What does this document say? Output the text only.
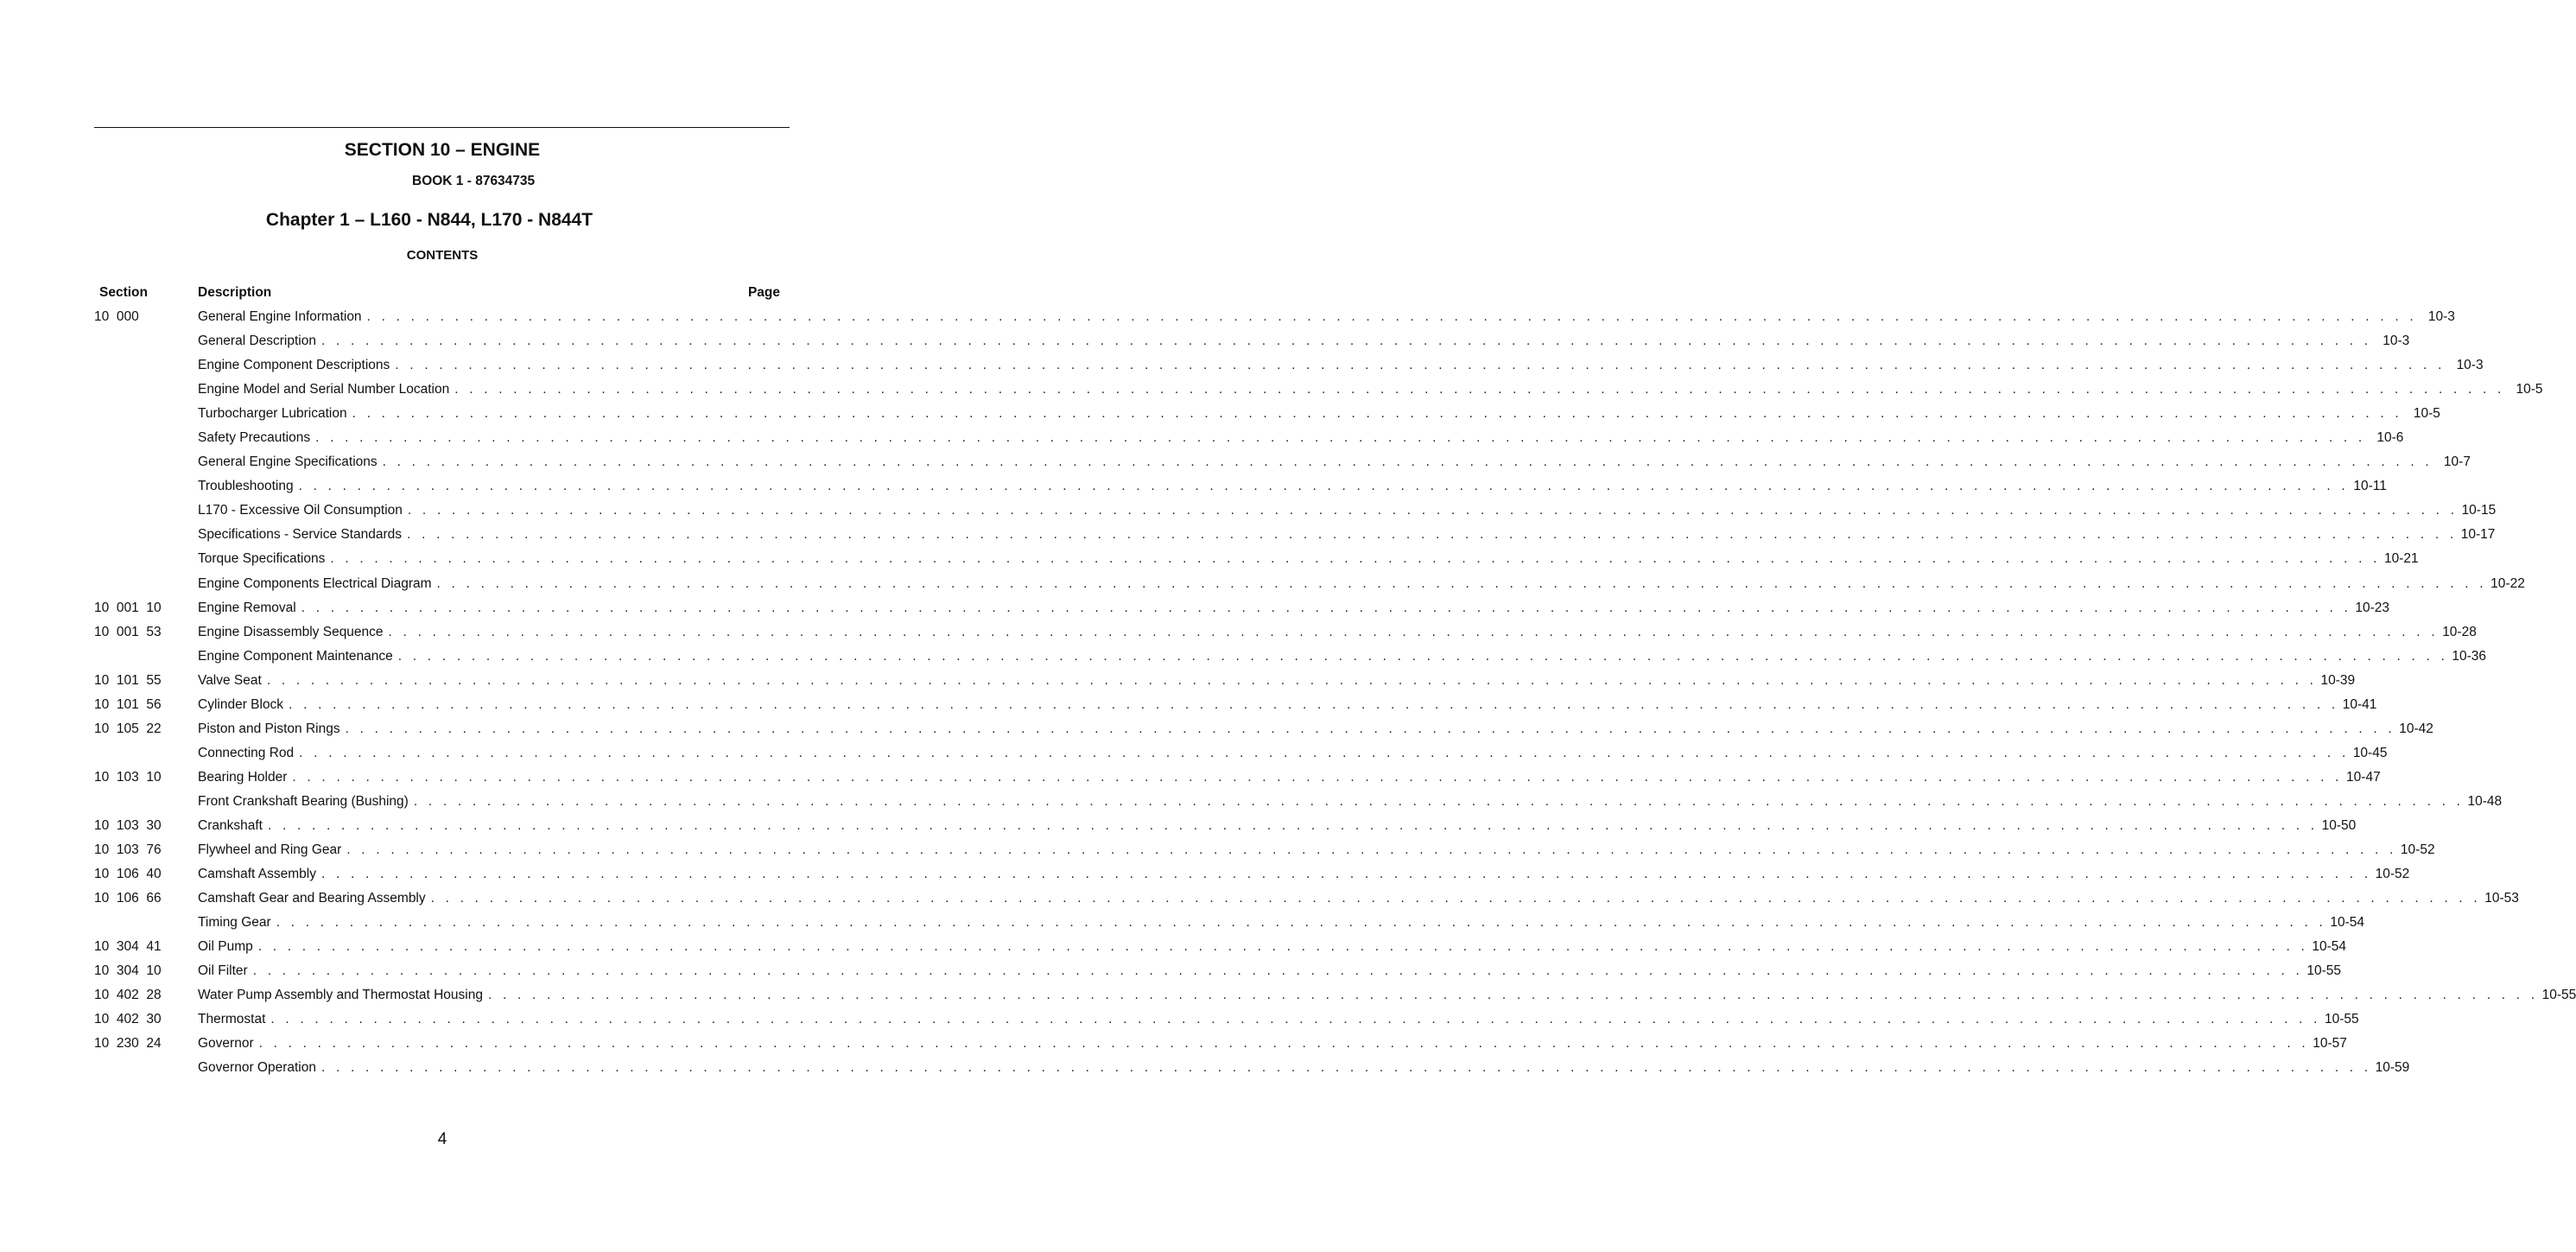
SECTION 10 – ENGINE
BOOK 1 - 87634735
Chapter 1 – L160 - N844, L170 - N844T
CONTENTS
Section	Description	Page
10  000	General Engine Information . . . . . . . . . . . . . . . . . . . . . . . . . . . . . . . . . . . . . . . . . . . . . . . . . . . . . . . . . . . . . . . . . . . . . . . . . . . . . . . . . . . . . . . . . . . . . . . . . . . . . . . . . . . . . . . . . . . . . . . . . . . . . . . . . . . . . . . . . . . . 10-3
General Description . . . . . . . . . . . . . . . . . . . . . . . . . . . . . . . . . . . . . . . . . . . . . . . . . . . . . . . . . . . . . . . . . . . . . . . . . . . . . . . . . . . . . . . . . . . . . . . . . . . . . . . . . . . . . . . . . . . . . . . . . . . . . . . . . . . . . . . . . . . . 10-3
Engine Component Descriptions . . . . . . . . . . . . . . . . . . . . . . . . . . . . . . . . . . . . . . . . . . . . . . . . . . . . . . . . . . . . . . . . . . . . . . . . . . . . . . . . . . . . . . . . . . . . . . . . . . . . . . . . . . . . . . . . . . . . . . . . . . . . . . . . . . . . . . . . . . . . 10-3
Engine Model and Serial Number Location . . . . . . . . . . . . . . . . . . . . . . . . . . . . . . . . . . . . . . . . . . . . . . . . . . . . . . . . . . . . . . . . . . . . . . . . . . . . . . . . . . . . . . . . . . . . . . . . . . . . . . . . . . . . . . . . . . . . . . . . . . . . . . . . . . . . . . . . . . . . 10-5
Turbocharger Lubrication . . . . . . . . . . . . . . . . . . . . . . . . . . . . . . . . . . . . . . . . . . . . . . . . . . . . . . . . . . . . . . . . . . . . . . . . . . . . . . . . . . . . . . . . . . . . . . . . . . . . . . . . . . . . . . . . . . . . . . . . . . . . . . . . . . . . . . . . . . . . 10-5
Safety Precautions . . . . . . . . . . . . . . . . . . . . . . . . . . . . . . . . . . . . . . . . . . . . . . . . . . . . . . . . . . . . . . . . . . . . . . . . . . . . . . . . . . . . . . . . . . . . . . . . . . . . . . . . . . . . . . . . . . . . . . . . . . . . . . . . . . . . . . . . . . . . 10-6
General Engine Specifications . . . . . . . . . . . . . . . . . . . . . . . . . . . . . . . . . . . . . . . . . . . . . . . . . . . . . . . . . . . . . . . . . . . . . . . . . . . . . . . . . . . . . . . . . . . . . . . . . . . . . . . . . . . . . . . . . . . . . . . . . . . . . . . . . . . . . . . . . . . . 10-7
Troubleshooting . . . . . . . . . . . . . . . . . . . . . . . . . . . . . . . . . . . . . . . . . . . . . . . . . . . . . . . . . . . . . . . . . . . . . . . . . . . . . . . . . . . . . . . . . . . . . . . . . . . . . . . . . . . . . . . . . . . . . . . . . . . . . . . . . . . . . . . . . . . . 10-11
L170 - Excessive Oil Consumption . . . . . . . . . . . . . . . . . . . . . . . . . . . . . . . . . . . . . . . . . . . . . . . . . . . . . . . . . . . . . . . . . . . . . . . . . . . . . . . . . . . . . . . . . . . . . . . . . . . . . . . . . . . . . . . . . . . . . . . . . . . . . . . . . . . . . . . . . . . . 10-15
Specifications - Service Standards . . . . . . . . . . . . . . . . . . . . . . . . . . . . . . . . . . . . . . . . . . . . . . . . . . . . . . . . . . . . . . . . . . . . . . . . . . . . . . . . . . . . . . . . . . . . . . . . . . . . . . . . . . . . . . . . . . . . . . . . . . . . . . . . . . . . . . . . . . . . 10-17
Torque Specifications . . . . . . . . . . . . . . . . . . . . . . . . . . . . . . . . . . . . . . . . . . . . . . . . . . . . . . . . . . . . . . . . . . . . . . . . . . . . . . . . . . . . . . . . . . . . . . . . . . . . . . . . . . . . . . . . . . . . . . . . . . . . . . . . . . . . . . . . . . . . 10-21
Engine Components Electrical Diagram . . . . . . . . . . . . . . . . . . . . . . . . . . . . . . . . . . . . . . . . . . . . . . . . . . . . . . . . . . . . . . . . . . . . . . . . . . . . . . . . . . . . . . . . . . . . . . . . . . . . . . . . . . . . . . . . . . . . . . . . . . . . . . . . . . . . . . . . . . . . 10-22
10  001  10	Engine Removal . . . . . . . . . . . . . . . . . . . . . . . . . . . . . . . . . . . . . . . . . . . . . . . . . . . . . . . . . . . . . . . . . . . . . . . . . . . . . . . . . . . . . . . . . . . . . . . . . . . . . . . . . . . . . . . . . . . . . . . . . . . . . . . . . . . . . . . . . . . . 10-23
10  001  53	Engine Disassembly Sequence . . . . . . . . . . . . . . . . . . . . . . . . . . . . . . . . . . . . . . . . . . . . . . . . . . . . . . . . . . . . . . . . . . . . . . . . . . . . . . . . . . . . . . . . . . . . . . . . . . . . . . . . . . . . . . . . . . . . . . . . . . . . . . . . . . . . . . . . . . . . 10-28
Engine Component Maintenance . . . . . . . . . . . . . . . . . . . . . . . . . . . . . . . . . . . . . . . . . . . . . . . . . . . . . . . . . . . . . . . . . . . . . . . . . . . . . . . . . . . . . . . . . . . . . . . . . . . . . . . . . . . . . . . . . . . . . . . . . . . . . . . . . . . . . . . . . . . . 10-36
10  101  55	Valve Seat . . . . . . . . . . . . . . . . . . . . . . . . . . . . . . . . . . . . . . . . . . . . . . . . . . . . . . . . . . . . . . . . . . . . . . . . . . . . . . . . . . . . . . . . . . . . . . . . . . . . . . . . . . . . . . . . . . . . . . . . . . . . . . . . . . . . . . . . . . . . 10-39
10  101  56	Cylinder Block . . . . . . . . . . . . . . . . . . . . . . . . . . . . . . . . . . . . . . . . . . . . . . . . . . . . . . . . . . . . . . . . . . . . . . . . . . . . . . . . . . . . . . . . . . . . . . . . . . . . . . . . . . . . . . . . . . . . . . . . . . . . . . . . . . . . . . . . . . . . 10-41
10  105  22	Piston and Piston Rings . . . . . . . . . . . . . . . . . . . . . . . . . . . . . . . . . . . . . . . . . . . . . . . . . . . . . . . . . . . . . . . . . . . . . . . . . . . . . . . . . . . . . . . . . . . . . . . . . . . . . . . . . . . . . . . . . . . . . . . . . . . . . . . . . . . . . . . . . . . . 10-42
Connecting Rod . . . . . . . . . . . . . . . . . . . . . . . . . . . . . . . . . . . . . . . . . . . . . . . . . . . . . . . . . . . . . . . . . . . . . . . . . . . . . . . . . . . . . . . . . . . . . . . . . . . . . . . . . . . . . . . . . . . . . . . . . . . . . . . . . . . . . . . . . . . . 10-45
10  103  10	Bearing Holder . . . . . . . . . . . . . . . . . . . . . . . . . . . . . . . . . . . . . . . . . . . . . . . . . . . . . . . . . . . . . . . . . . . . . . . . . . . . . . . . . . . . . . . . . . . . . . . . . . . . . . . . . . . . . . . . . . . . . . . . . . . . . . . . . . . . . . . . . . . . 10-47
Front Crankshaft Bearing (Bushing) . . . . . . . . . . . . . . . . . . . . . . . . . . . . . . . . . . . . . . . . . . . . . . . . . . . . . . . . . . . . . . . . . . . . . . . . . . . . . . . . . . . . . . . . . . . . . . . . . . . . . . . . . . . . . . . . . . . . . . . . . . . . . . . . . . . . . . . . . . . . 10-48
10  103  30	Crankshaft . . . . . . . . . . . . . . . . . . . . . . . . . . . . . . . . . . . . . . . . . . . . . . . . . . . . . . . . . . . . . . . . . . . . . . . . . . . . . . . . . . . . . . . . . . . . . . . . . . . . . . . . . . . . . . . . . . . . . . . . . . . . . . . . . . . . . . . . . . . . 10-50
10  103  76	Flywheel and Ring Gear . . . . . . . . . . . . . . . . . . . . . . . . . . . . . . . . . . . . . . . . . . . . . . . . . . . . . . . . . . . . . . . . . . . . . . . . . . . . . . . . . . . . . . . . . . . . . . . . . . . . . . . . . . . . . . . . . . . . . . . . . . . . . . . . . . . . . . . . . . . . 10-52
10  106  40	Camshaft Assembly . . . . . . . . . . . . . . . . . . . . . . . . . . . . . . . . . . . . . . . . . . . . . . . . . . . . . . . . . . . . . . . . . . . . . . . . . . . . . . . . . . . . . . . . . . . . . . . . . . . . . . . . . . . . . . . . . . . . . . . . . . . . . . . . . . . . . . . . . . . . 10-52
10  106  66	Camshaft Gear and Bearing Assembly . . . . . . . . . . . . . . . . . . . . . . . . . . . . . . . . . . . . . . . . . . . . . . . . . . . . . . . . . . . . . . . . . . . . . . . . . . . . . . . . . . . . . . . . . . . . . . . . . . . . . . . . . . . . . . . . . . . . . . . . . . . . . . . . . . . . . . . . . . . . 10-53
Timing Gear . . . . . . . . . . . . . . . . . . . . . . . . . . . . . . . . . . . . . . . . . . . . . . . . . . . . . . . . . . . . . . . . . . . . . . . . . . . . . . . . . . . . . . . . . . . . . . . . . . . . . . . . . . . . . . . . . . . . . . . . . . . . . . . . . . . . . . . . . . . . 10-54
10  304  41	Oil Pump . . . . . . . . . . . . . . . . . . . . . . . . . . . . . . . . . . . . . . . . . . . . . . . . . . . . . . . . . . . . . . . . . . . . . . . . . . . . . . . . . . . . . . . . . . . . . . . . . . . . . . . . . . . . . . . . . . . . . . . . . . . . . . . . . . . . . . . . . . . . 10-54
10  304  10	Oil Filter . . . . . . . . . . . . . . . . . . . . . . . . . . . . . . . . . . . . . . . . . . . . . . . . . . . . . . . . . . . . . . . . . . . . . . . . . . . . . . . . . . . . . . . . . . . . . . . . . . . . . . . . . . . . . . . . . . . . . . . . . . . . . . . . . . . . . . . . . . . . 10-55
10  402  28	Water Pump Assembly and Thermostat Housing . . . . . . . . . . . . . . . . . . . . . . . . . . . . . . . . . . . . . . . . . . . . . . . . . . . . . . . . . . . . . . . . . . . . . . . . . . . . . . . . . . . . . . . . . . . . . . . . . . . . . . . . . . . . . . . . . . . . . . . . . . . . . . . . . . . . . . . . . . . . 10-55
10  402  30	Thermostat . . . . . . . . . . . . . . . . . . . . . . . . . . . . . . . . . . . . . . . . . . . . . . . . . . . . . . . . . . . . . . . . . . . . . . . . . . . . . . . . . . . . . . . . . . . . . . . . . . . . . . . . . . . . . . . . . . . . . . . . . . . . . . . . . . . . . . . . . . . . 10-55
10  230  24	Governor . . . . . . . . . . . . . . . . . . . . . . . . . . . . . . . . . . . . . . . . . . . . . . . . . . . . . . . . . . . . . . . . . . . . . . . . . . . . . . . . . . . . . . . . . . . . . . . . . . . . . . . . . . . . . . . . . . . . . . . . . . . . . . . . . . . . . . . . . . . . 10-57
Governor Operation . . . . . . . . . . . . . . . . . . . . . . . . . . . . . . . . . . . . . . . . . . . . . . . . . . . . . . . . . . . . . . . . . . . . . . . . . . . . . . . . . . . . . . . . . . . . . . . . . . . . . . . . . . . . . . . . . . . . . . . . . . . . . . . . . . . . . . . . . . . . 10-59
4
